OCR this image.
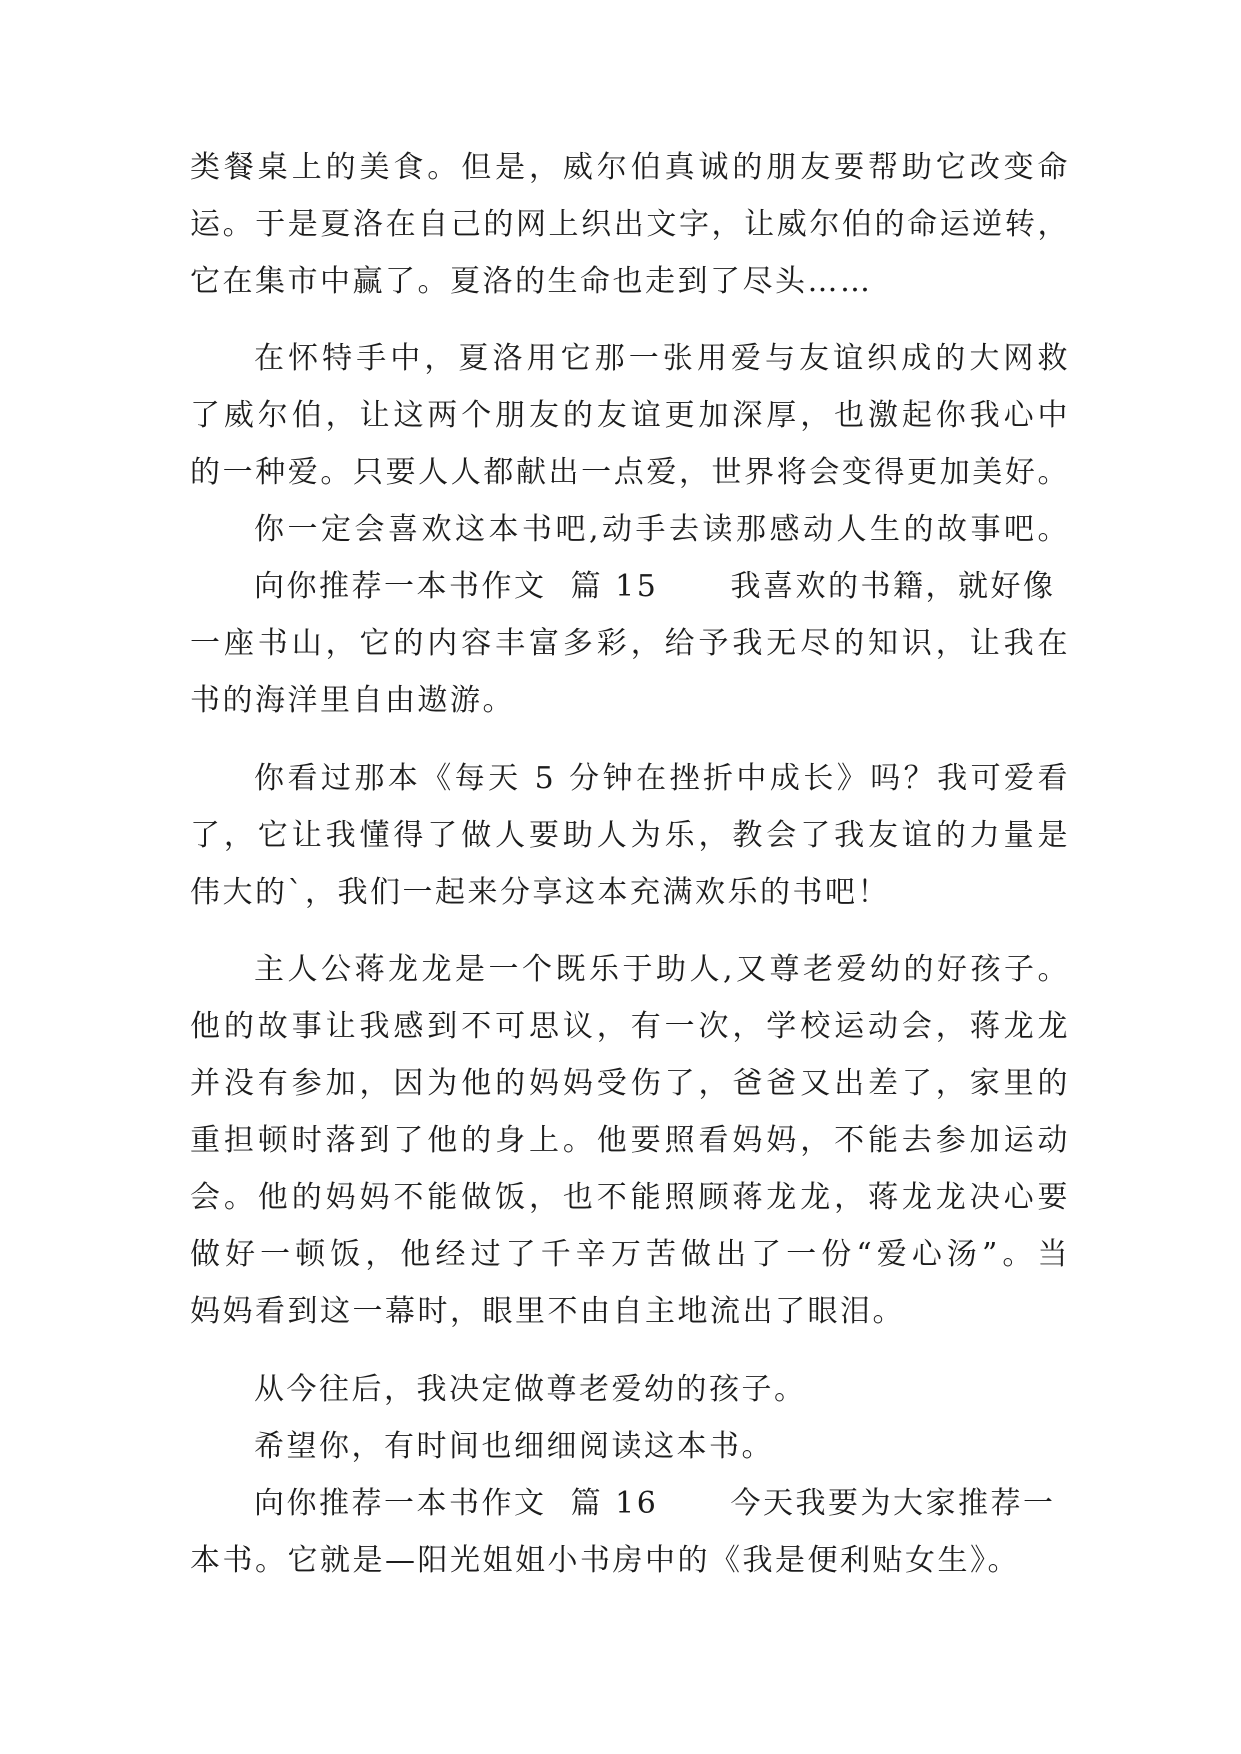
类餐桌上的美食。但是，威尔伯真诚的朋友要帮助它改变命
运。于是夏洛在自己的网上织出文字，让威尔伯的命运逆转，
它在集市中赢了。夏洛的生命也走到了尽头……
在怀特手中，夏洛用它那一张用爱与友谊织成的大网救
了威尔伯，让这两个朋友的友谊更加深厚，也激起你我心中
的一种爱。只要人人都献出一点爱，世界将会变得更加美好。
你一定会喜欢这本书吧,动手去读那感动人生的故事吧。
向你推荐一本书作文  篇 15      我喜欢的书籍，就好像
一座书山，它的内容丰富多彩，给予我无尽的知识，让我在
书的海洋里自由遨游。
你看过那本《每天 5 分钟在挫折中成长》吗？我可爱看
了，它让我懂得了做人要助人为乐，教会了我友谊的力量是
伟大的`，我们一起来分享这本充满欢乐的书吧！
主人公蒋龙龙是一个既乐于助人,又尊老爱幼的好孩子。
他的故事让我感到不可思议，有一次，学校运动会，蒋龙龙
并没有参加，因为他的妈妈受伤了，爸爸又出差了，家里的
重担顿时落到了他的身上。他要照看妈妈，不能去参加运动
会。他的妈妈不能做饭，也不能照顾蒋龙龙，蒋龙龙决心要
做好一顿饭，他经过了千辛万苦做出了一份“爱心汤”。当
妈妈看到这一幕时，眼里不由自主地流出了眼泪。
从今往后，我决定做尊老爱幼的孩子。
希望你，有时间也细细阅读这本书。
向你推荐一本书作文  篇 16      今天我要为大家推荐一
本书。它就是—阳光姐姐小书房中的《我是便利贴女生》。
